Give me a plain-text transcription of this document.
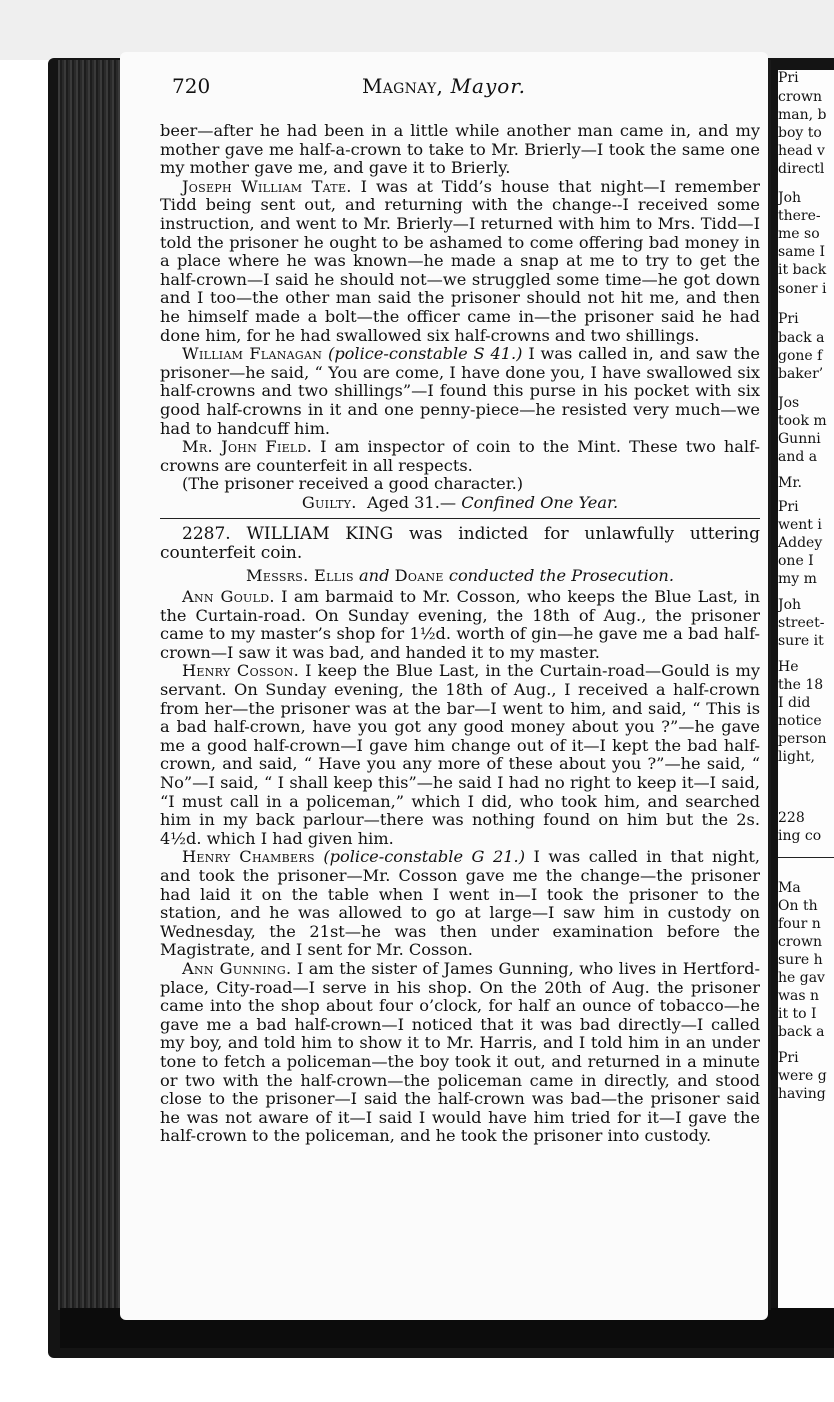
720	Magnay, Mayor.

beer—after he had been in a little while another man came in, and my mother gave me half-a-crown to take to Mr. Brierly—I took the same one my mother gave me, and gave it to Brierly.

Joseph William Tate. I was at Tidd’s house that night—I remember Tidd being sent out, and returning with the change--I received some instruction, and went to Mr. Brierly—I returned with him to Mrs. Tidd—I told the prisoner he ought to be ashamed to come offering bad money in a place where he was known—he made a snap at me to try to get the half-crown—I said he should not—we struggled some time—he got down and I too—the other man said the prisoner should not hit me, and then he himself made a bolt—the officer came in—the prisoner said he had done him, for he had swallowed six half-crowns and two shillings.

William Flanagan (police-constable S 41.) I was called in, and saw the prisoner—he said, “ You are come, I have done you, I have swallowed six half-crowns and two shillings”—I found this purse in his pocket with six good half-crowns in it and one penny-piece—he resisted very much—we had to handcuff him.

Mr. John Field. I am inspector of coin to the Mint. These two half-crowns are counterfeit in all respects.

(The prisoner received a good character.)

Guilty. Aged 31.— Confined One Year.

2287. WILLIAM KING was indicted for unlawfully uttering counterfeit coin.

Messrs. Ellis and Doane conducted the Prosecution.

Ann Gould. I am barmaid to Mr. Cosson, who keeps the Blue Last, in the Curtain-road. On Sunday evening, the 18th of Aug., the prisoner came to my master’s shop for 1½d. worth of gin—he gave me a bad half-crown—I saw it was bad, and handed it to my master.

Henry Cosson. I keep the Blue Last, in the Curtain-road—Gould is my servant. On Sunday evening, the 18th of Aug., I received a half-crown from her—the prisoner was at the bar—I went to him, and said, “ This is a bad half-crown, have you got any good money about you ?”—he gave me a good half-crown—I gave him change out of it—I kept the bad half-crown, and said, “ Have you any more of these about you ?”—he said, “ No”—I said, “ I shall keep this”—he said I had no right to keep it—I said, “I must call in a policeman,” which I did, who took him, and searched him in my back parlour—there was nothing found on him but the 2s. 4½d. which I had given him.

Henry Chambers (police-constable G 21.) I was called in that night, and took the prisoner—Mr. Cosson gave me the change—the prisoner had laid it on the table when I went in—I took the prisoner to the station, and he was allowed to go at large—I saw him in custody on Wednesday, the 21st—he was then under examination before the Magistrate, and I sent for Mr. Cosson.

Ann Gunning. I am the sister of James Gunning, who lives in Hertford-place, City-road—I serve in his shop. On the 20th of Aug. the prisoner came into the shop about four o’clock, for half an ounce of tobacco—he gave me a bad half-crown—I noticed that it was bad directly—I called my boy, and told him to show it to Mr. Harris, and I told him in an under tone to fetch a policeman—the boy took it out, and returned in a minute or two with the half-crown—the policeman came in directly, and stood close to the prisoner—I said the half-crown was bad—the prisoner said he was not aware of it—I said I would have him tried for it—I gave the half-crown to the policeman, and he took the prisoner into custody.

Pri
crown
man, b
boy to
head v
directl
Joh
there-
me so
same I
it back
soner i
Pri
back a
gone f
baker’
Jos
took m
Gunni
and a
Mr.
Pri
went i
Addey
one I
my m
Joh
street-
sure it
He
the 18
I did
notice
person
light,
228
ing co
Ma
On th
four n
crown
sure h
he gav
was n
it to I
back a
Pri
were g
having
